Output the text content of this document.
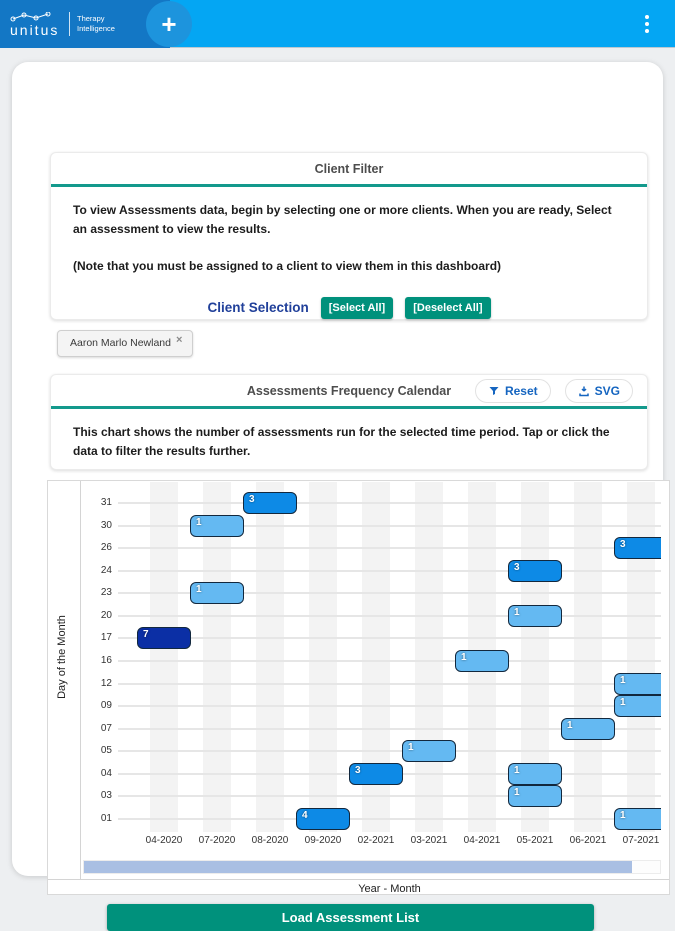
unitus
Therapy
Intelligence	+
Client Filter

To view Assessments data, begin by selecting one or more clients. When you are ready, Select an assessment to view the results.

(Note that you must be assigned to a client to view them in this dashboard)

Client Selection	[Select All]	[Deselect All]
Aaron Marlo Newland ×
Assessments Frequency Calendar	Reset	SVG

This chart shows the number of assessments run for the selected time period. Tap or click the data to filter the results further.

Day of the Month
31
30
26
24
23
20
17
16
12
09
07
05
04
03
01
7
1
1
3
4
3
1
1
3
1
1
1
1
3
1
1
1
04-2020	07-2020	08-2020	09-2020	02-2021	03-2021	04-2021	05-2021	06-2021	07-2021
Year - Month
Load Assessment List
